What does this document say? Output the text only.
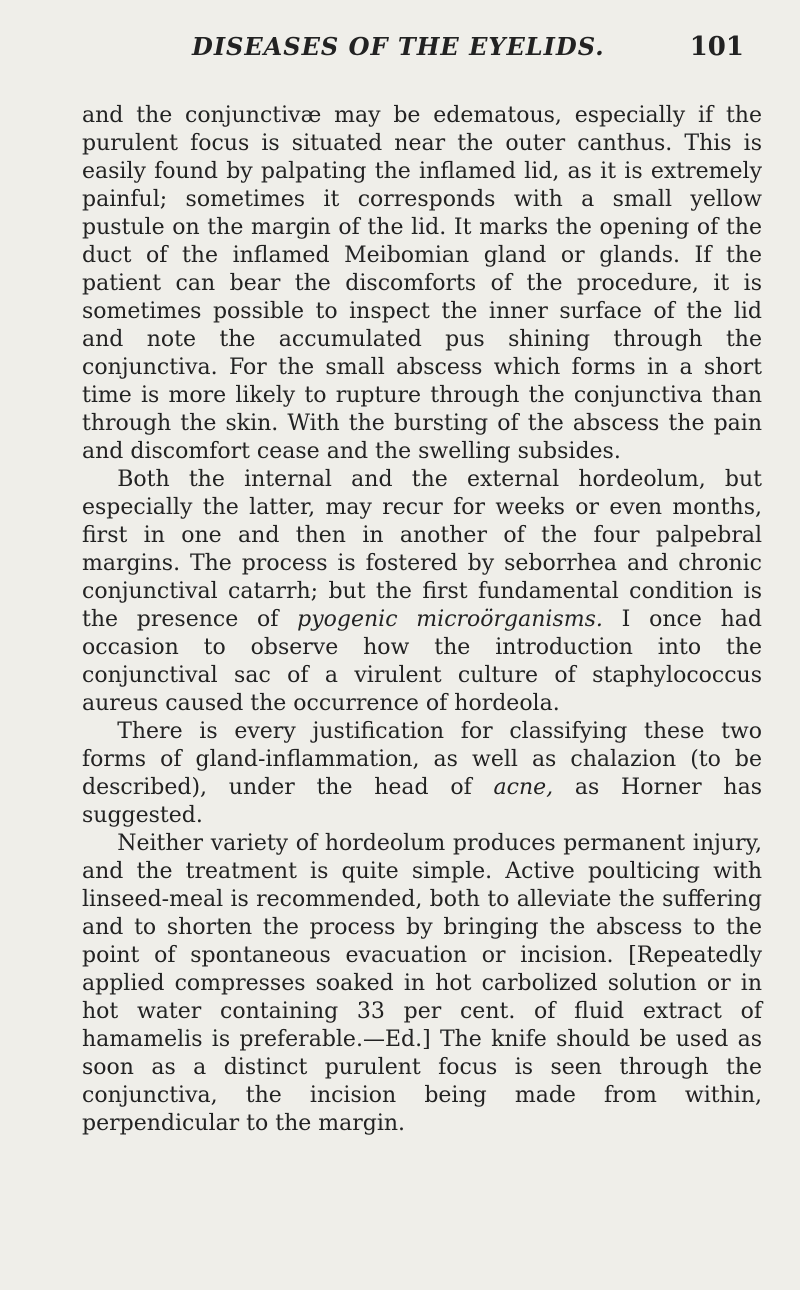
DISEASES OF THE EYELIDS.	101

and the conjunctivæ may be edematous, especially if the purulent focus is situated near the outer canthus. This is easily found by palpating the inflamed lid, as it is extremely painful; sometimes it corresponds with a small yellow pustule on the margin of the lid. It marks the opening of the duct of the inflamed Meibomian gland or glands. If the patient can bear the discomforts of the procedure, it is sometimes possible to inspect the inner surface of the lid and note the accumulated pus shining through the conjunctiva. For the small abscess which forms in a short time is more likely to rupture through the conjunctiva than through the skin. With the bursting of the abscess the pain and discomfort cease and the swelling subsides.

Both the internal and the external hordeolum, but especially the latter, may recur for weeks or even months, first in one and then in another of the four palpebral margins. The process is fostered by seborrhea and chronic conjunctival catarrh; but the first fundamental condition is the presence of pyogenic microörganisms. I once had occasion to observe how the introduction into the conjunctival sac of a virulent culture of staphylococcus aureus caused the occurrence of hordeola.

There is every justification for classifying these two forms of gland-inflammation, as well as chalazion (to be described), under the head of acne, as Horner has suggested.

Neither variety of hordeolum produces permanent injury, and the treatment is quite simple. Active poulticing with linseed-meal is recommended, both to alleviate the suffering and to shorten the process by bringing the abscess to the point of spontaneous evacuation or incision. [Repeatedly applied compresses soaked in hot carbolized solution or in hot water containing 33 per cent. of fluid extract of hamamelis is preferable.—Ed.] The knife should be used as soon as a distinct purulent focus is seen through the conjunctiva, the incision being made from within, perpendicular to the margin.
